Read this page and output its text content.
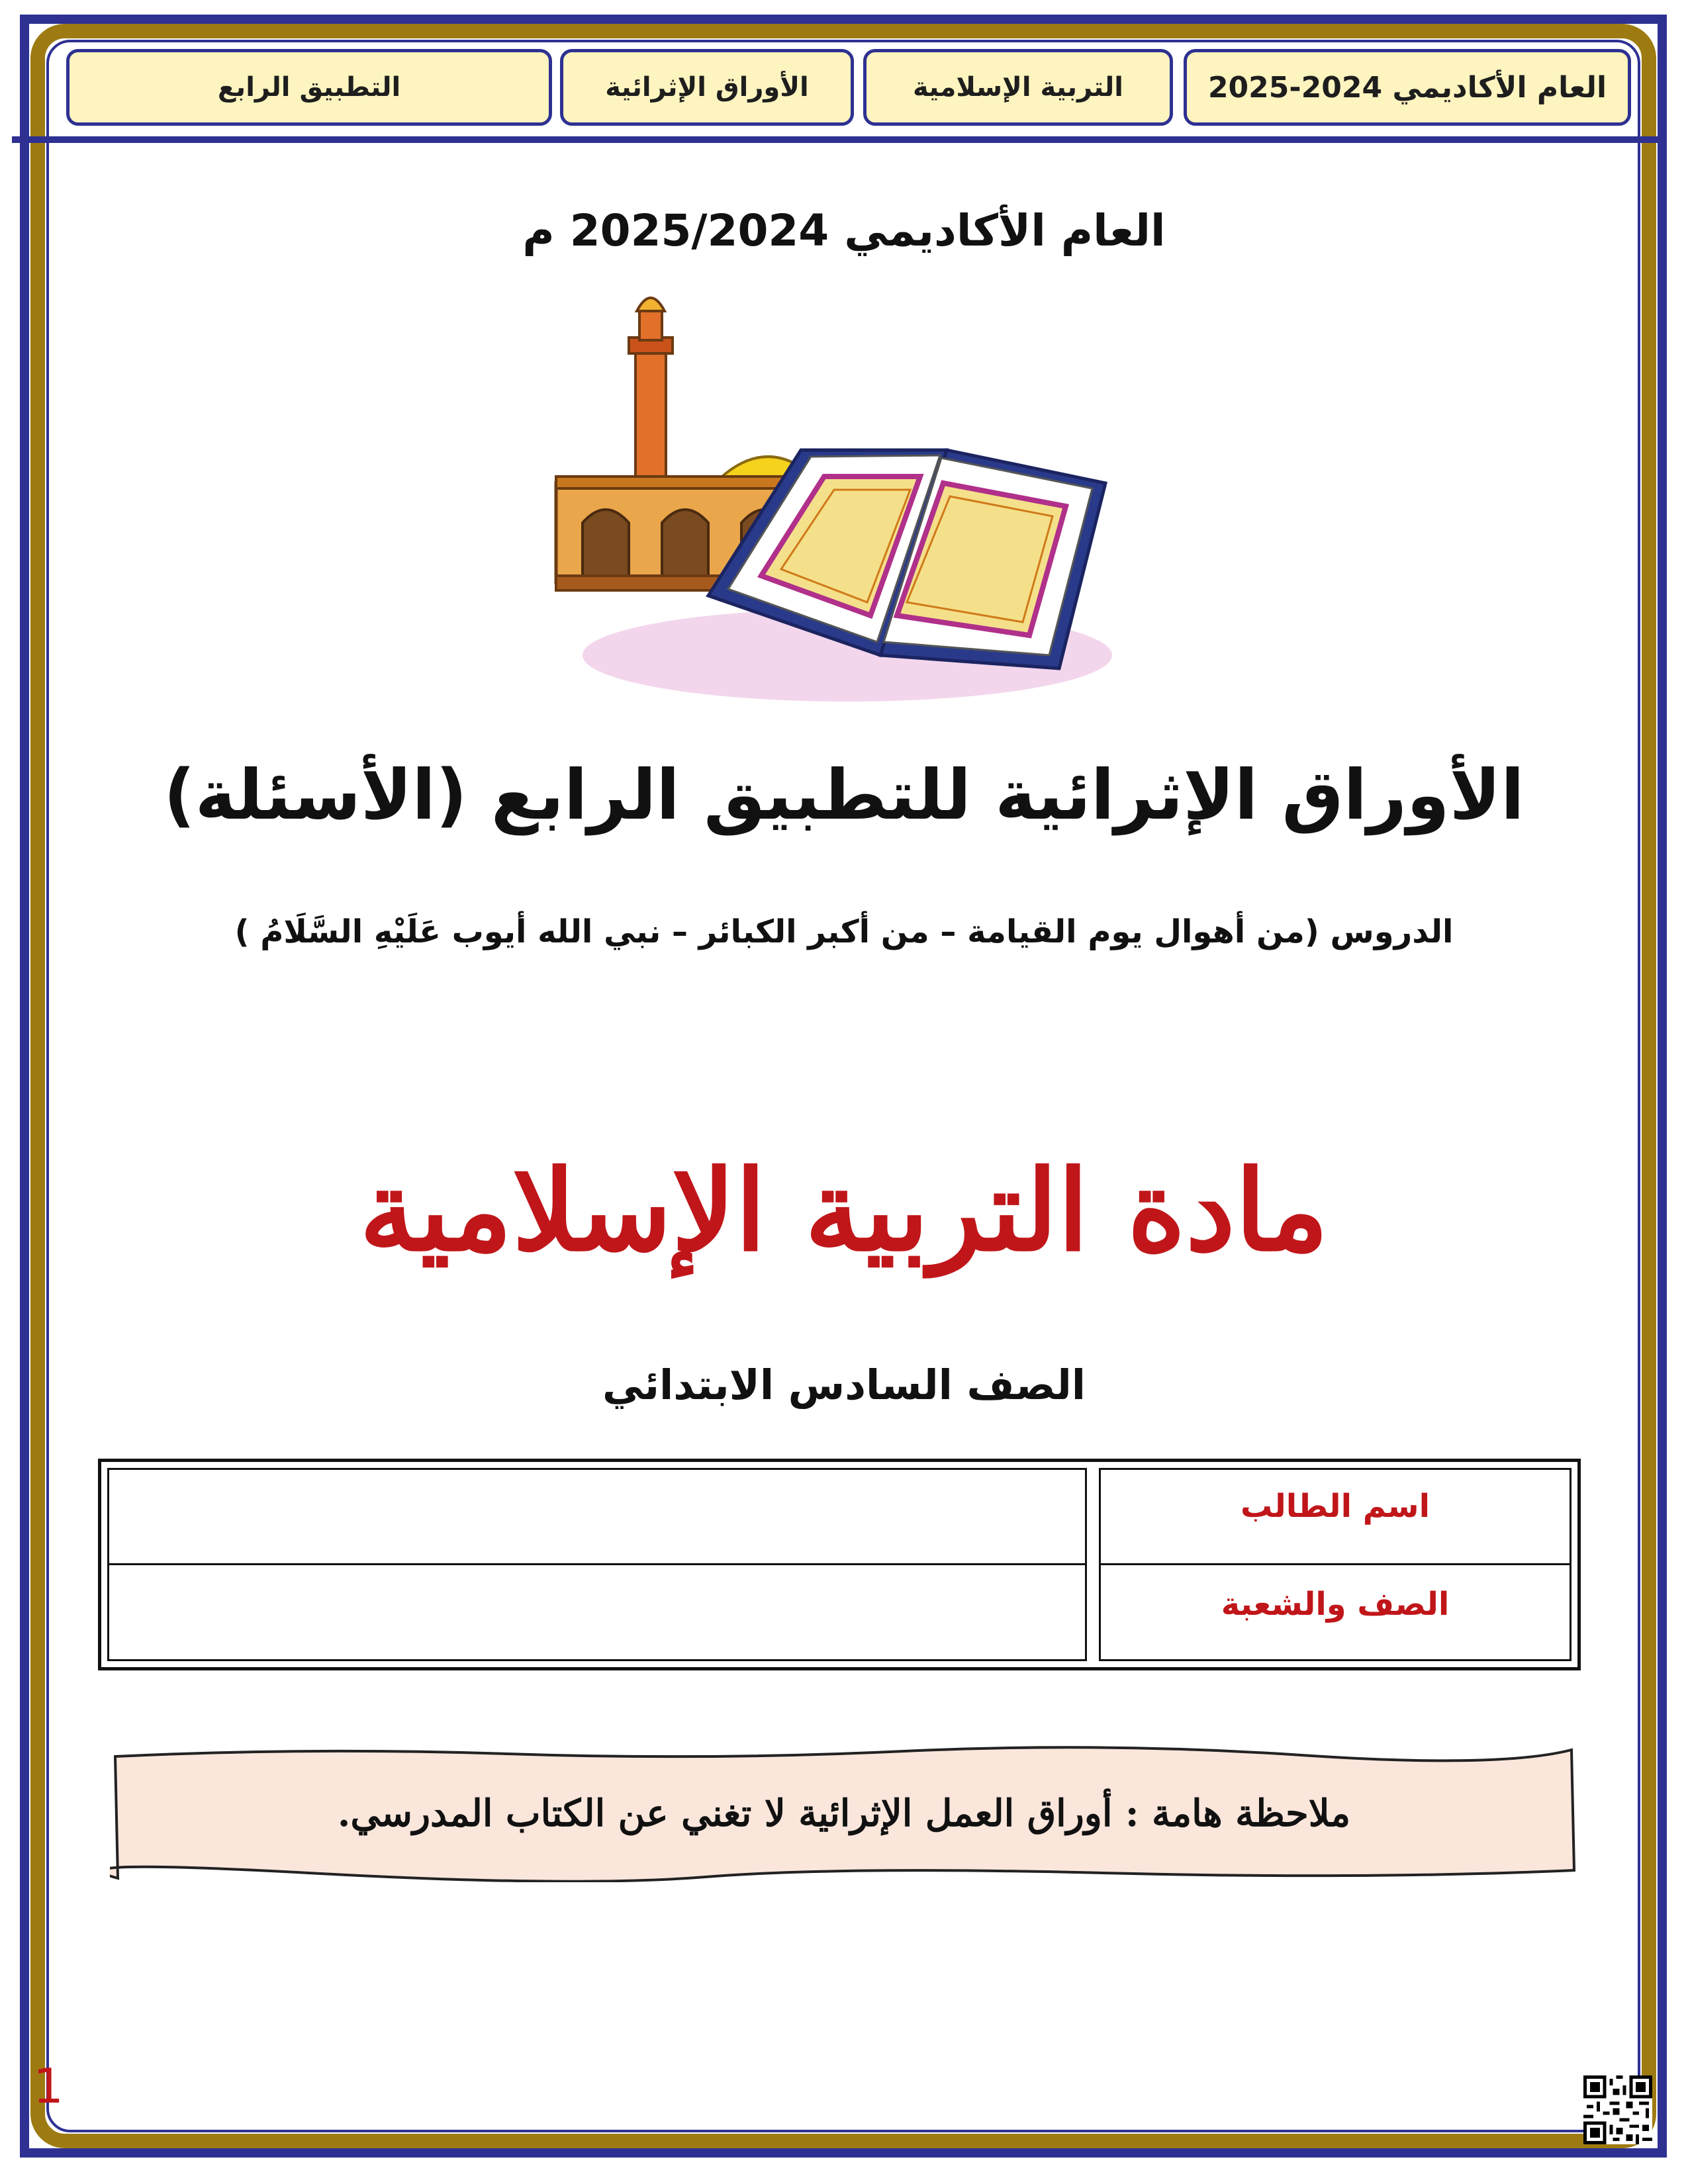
العام الأكاديمي 2024-2025
التربية الإسلامية
الأوراق الإثرائية
التطبيق الرابع
العام الأكاديمي 2025/2024 م
الأوراق الإثرائية للتطبيق الرابع (الأسئلة)
الدروس (من أهوال يوم القيامة – من أكبر الكبائر – نبي الله أيوب عَلَيْهِ السَّلَامُ )
مادة التربية الإسلامية
الصف السادس الابتدائي
اسم الطالب
الصف والشعبة
ملاحظة هامة : أوراق العمل الإثرائية لا تغني عن الكتاب المدرسي.
1
